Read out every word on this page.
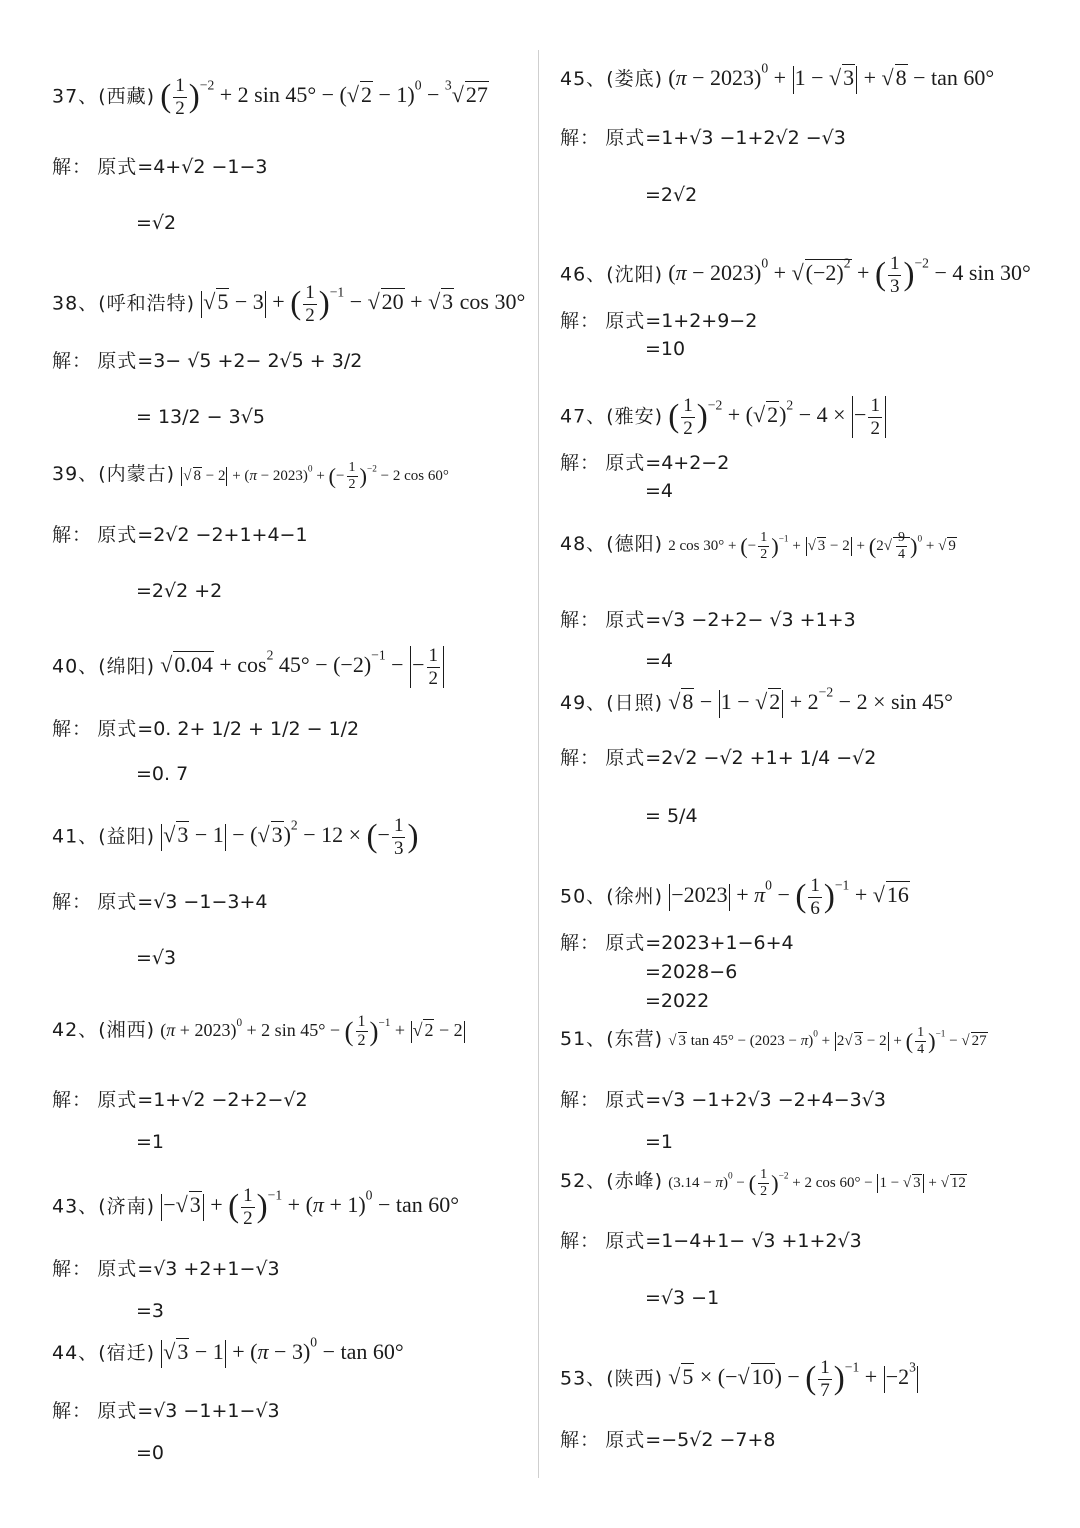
37、(西藏) ( $\frac{1}{2} )^{-2} + 2$ $\sin 45^\circ - (√2 - 1)^0 - ^3√27$
解： 原式=4+√2 −1−3
=√2
38、(呼和浩特) √5 − 3 + ( $\frac{1}{2} )^{-1} - √20 + √3$ cos 30°
解： 原式=3− √5 +2− 2√5 + 3/2
= 13/2 − 3√5
39、(内蒙古) √ $8 - 2 + (\pi - 2023)^0$ + (− $\frac{1}{2} )^{-2} - 2$ cos 60°
解： 原式=2√2 −2+1+4−1
=2√2 +2
40、(绵阳) $√0.04 + \cos^2 45^\circ - (-2)^{-1}$ − − $\frac{1}{2}$
解： 原式=0. 2+ 1/2 + 1/2 − 1/2
=0. 7
41、(益阳) $√3 - 1 - (√3)^2 - 12$ × (− $\frac{1}{3}$ )
解： 原式=√3 −1−3+4
=√3
42、(湘西) $(\pi + 2023)^0 + 2$ sin 45° − ( $\frac{1}{2} )^{-1}$ + √ 2 − 2
解： 原式=1+√2 −2+2−√2
=1
43、(济南) −√3 + ( $\frac{1}{2} )^{-1} + (\pi + 1)^0 - \tan 60^\circ$
解： 原式=√3 +2+1−√3
=3
44、(宿迁) $√3 - 1 + (\pi - 3)^0 - \tan 60^\circ$
解： 原式=√3 −1+1−√3
=0
45、(娄底) $(\pi - 2023)^0 + 1 - √3 + √8 - \tan 60^\circ$
解： 原式=1+√3 −1+2√2 −√3
=2√2
46、(沈阳) $(\pi - 2023)^0 + √(-2)^2$ + ( $\frac{1}{3} )^{-2} - 4$ sin 30°
解： 原式=1+2+9−2
=10
47、(雅安) ( $\frac{1}{2} )^{-2} + (√2)^2 - 4$ × − $\frac{1}{2}$
解： 原式=4+2−2
=4
48、(德阳) 2 cos 30° + (− $\frac{1}{2} )^{-1}$ + √ $3 - 2 + (2√ \frac{9}{4} )^0$ + √ 9
解： 原式=√3 −2+2− √3 +1+3
=4
49、(日照) $√8 - 1 - √2 + 2^{-2} - 2 \times \sin 45^\circ$
解： 原式=2√2 −√2 +1+ 1/4 −√2
= 5/4
50、(徐州) $-2023 + \pi^0$ − ( $\frac{1}{6} )^{-1} + √16$
解： 原式=2023+1−6+4
=2028−6
=2022
51、(东营) √ 3 $\tan 45^\circ - (2023 - \pi)^0 + 2√$ 3 − 2 + ( $\frac{1}{4} )^{-1}$ − √ 27
解： 原式=√3 −1+2√3 −2+4−3√3
=1
52、(赤峰) $(3.14 - \pi)^0$ − ( $\frac{1}{2} )^{-2} + 2$ cos 60° − 1 − √ 3 + √ 12
解： 原式=1−4+1− √3 +1+2√3
=√3 −1
53、(陕西) √5 × (−√10) − ( $\frac{1}{7} )^{-1} + -2^3$
解： 原式=−5√2 −7+8
